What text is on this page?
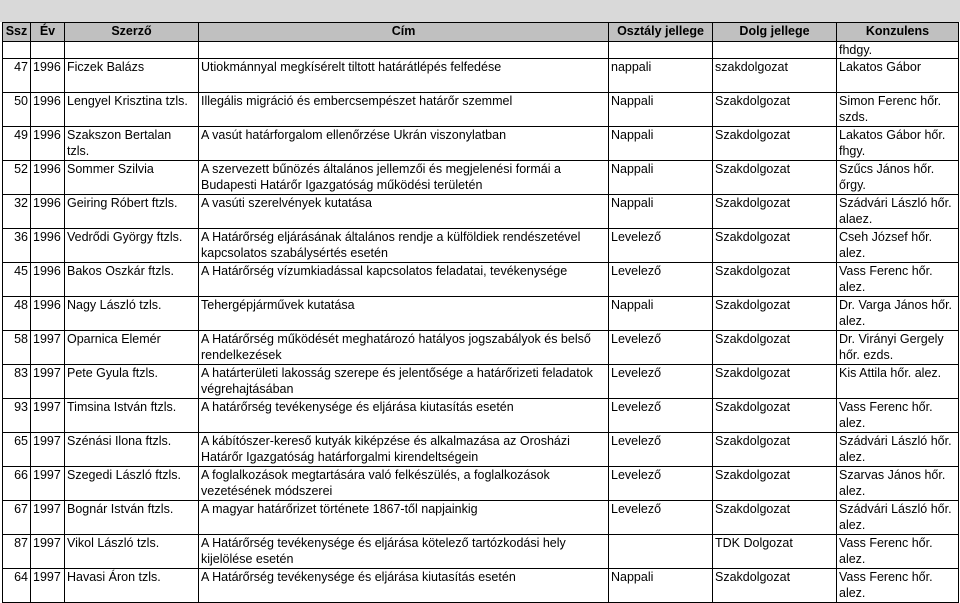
Ssz	Év	Szerző	Cím	Osztály jellege	Dolg jellege	Konzulens
						fhdgy.
47	1996	Ficzek Balázs	Utiokmánnyal megkísérelt tiltott határátlépés felfedése	nappali	szakdolgozat	Lakatos Gábor
50	1996	Lengyel Krisztina tzls.	Illegális migráció és embercsempészet határőr szemmel	Nappali	Szakdolgozat	Simon Ferenc hőr. szds.
49	1996	Szakszon Bertalan tzls.	A vasút határforgalom ellenőrzése Ukrán viszonylatban	Nappali	Szakdolgozat	Lakatos Gábor hőr. fhgy.
52	1996	Sommer Szilvia	A szervezett bűnözés általános jellemzői és megjelenési formái a Budapesti Határőr Igazgatóság működési területén	Nappali	Szakdolgozat	Szűcs János hőr. őrgy.
32	1996	Geiring Róbert ftzls.	A vasúti szerelvények kutatása	Nappali	Szakdolgozat	Szádvári László hőr. alaez.
36	1996	Vedrődi György ftzls.	A Határőrség eljárásának általános rendje a külföldiek rendészetével kapcsolatos szabálysértés esetén	Levelező	Szakdolgozat	Cseh József hőr. alez.
45	1996	Bakos Oszkár ftzls.	A Határőrség vízumkiadással kapcsolatos feladatai, tevékenysége	Levelező	Szakdolgozat	Vass Ferenc hőr. alez.
48	1996	Nagy László tzls.	Tehergépjárművek kutatása	Nappali	Szakdolgozat	Dr. Varga János hőr. alez.
58	1997	Oparnica Elemér	A Határőrség működését meghatározó hatályos jogszabályok és belső rendelkezések	Levelező	Szakdolgozat	Dr. Virányi Gergely hőr. ezds.
83	1997	Pete Gyula ftzls.	A határterületi lakosság szerepe és jelentősége a határőrizeti feladatok végrehajtásában	Levelező	Szakdolgozat	Kis Attila hőr. alez.
93	1997	Timsina István ftzls.	A határőrség tevékenysége és eljárása kiutasítás esetén	Levelező	Szakdolgozat	Vass Ferenc hőr. alez.
65	1997	Szénási Ilona ftzls.	A kábítószer-kereső kutyák kiképzése és alkalmazása az Orosházi Határőr Igazgatóság határforgalmi kirendeltségein	Levelező	Szakdolgozat	Szádvári László hőr. alez.
66	1997	Szegedi László ftzls.	A foglalkozások megtartására való felkészülés, a foglalkozások vezetésének módszerei	Levelező	Szakdolgozat	Szarvas János hőr. alez.
67	1997	Bognár István ftzls.	A magyar határőrizet története 1867-től napjainkig	Levelező	Szakdolgozat	Szádvári László hőr. alez.
87	1997	Vikol László tzls.	A Határőrség tevékenysége és eljárása kötelező tartózkodási hely kijelölése esetén		TDK Dolgozat	Vass Ferenc hőr. alez.
64	1997	Havasi Áron tzls.	A Határőrség tevékenysége és eljárása kiutasítás esetén	Nappali	Szakdolgozat	Vass Ferenc hőr. alez.
